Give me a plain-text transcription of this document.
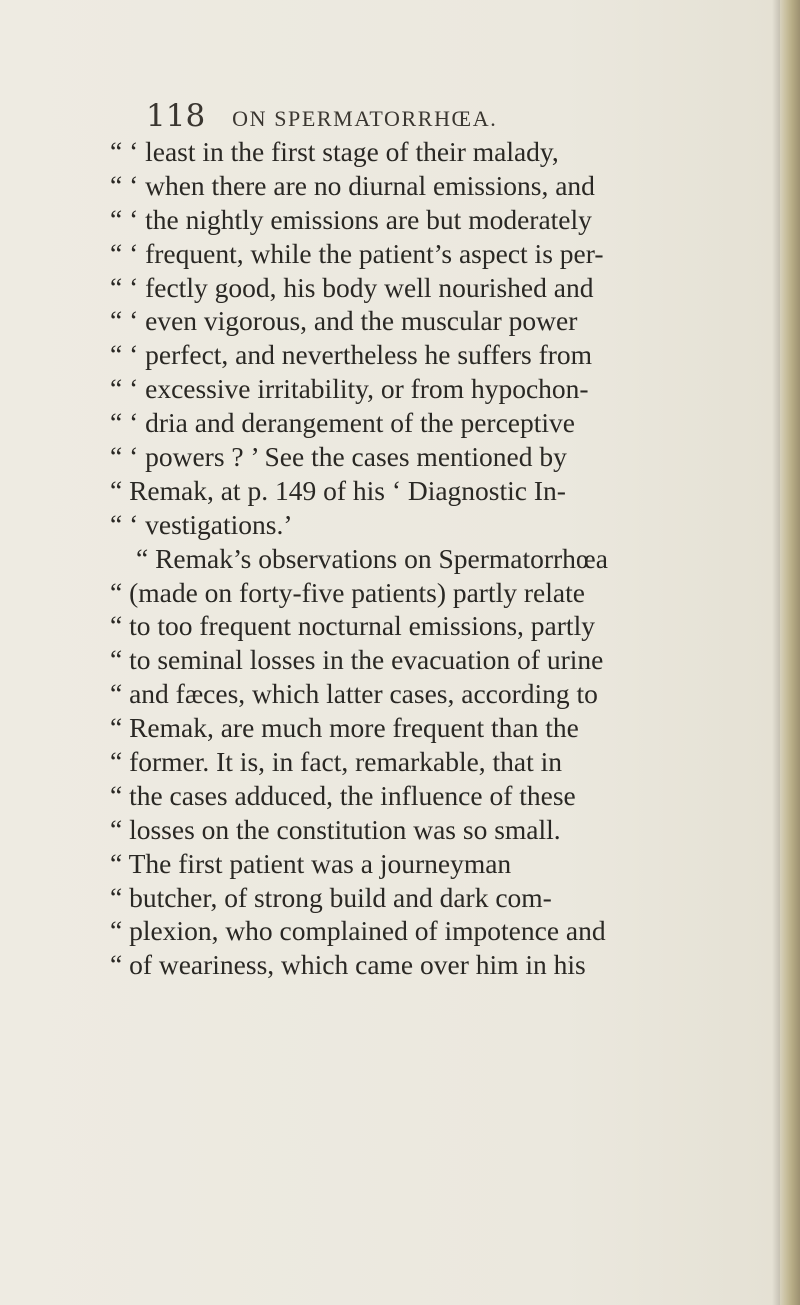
118 ON SPERMATORRHŒA.
“ ‘ least in the first stage of their malady,
“ ‘ when there are no diurnal emissions, and
“ ‘ the nightly emissions are but moderately
“ ‘ frequent, while the patient’s aspect is per-
“ ‘ fectly good, his body well nourished and
“ ‘ even vigorous, and the muscular power
“ ‘ perfect, and nevertheless he suffers from
“ ‘ excessive irritability, or from hypochon-
“ ‘ dria and derangement of the perceptive
“ ‘ powers ? ’ See the cases mentioned by
“ Remak, at p. 149 of his ‘ Diagnostic In-
“ ‘ vestigations.’
“ Remak’s observations on Spermatorrhœa
“ (made on forty-five patients) partly relate
“ to too frequent nocturnal emissions, partly
“ to seminal losses in the evacuation of urine
“ and fæces, which latter cases, according to
“ Remak, are much more frequent than the
“ former. It is, in fact, remarkable, that in
“ the cases adduced, the influence of these
“ losses on the constitution was so small.
“ The first patient was a journeyman
“ butcher, of strong build and dark com-
“ plexion, who complained of impotence and
“ of weariness, which came over him in his
